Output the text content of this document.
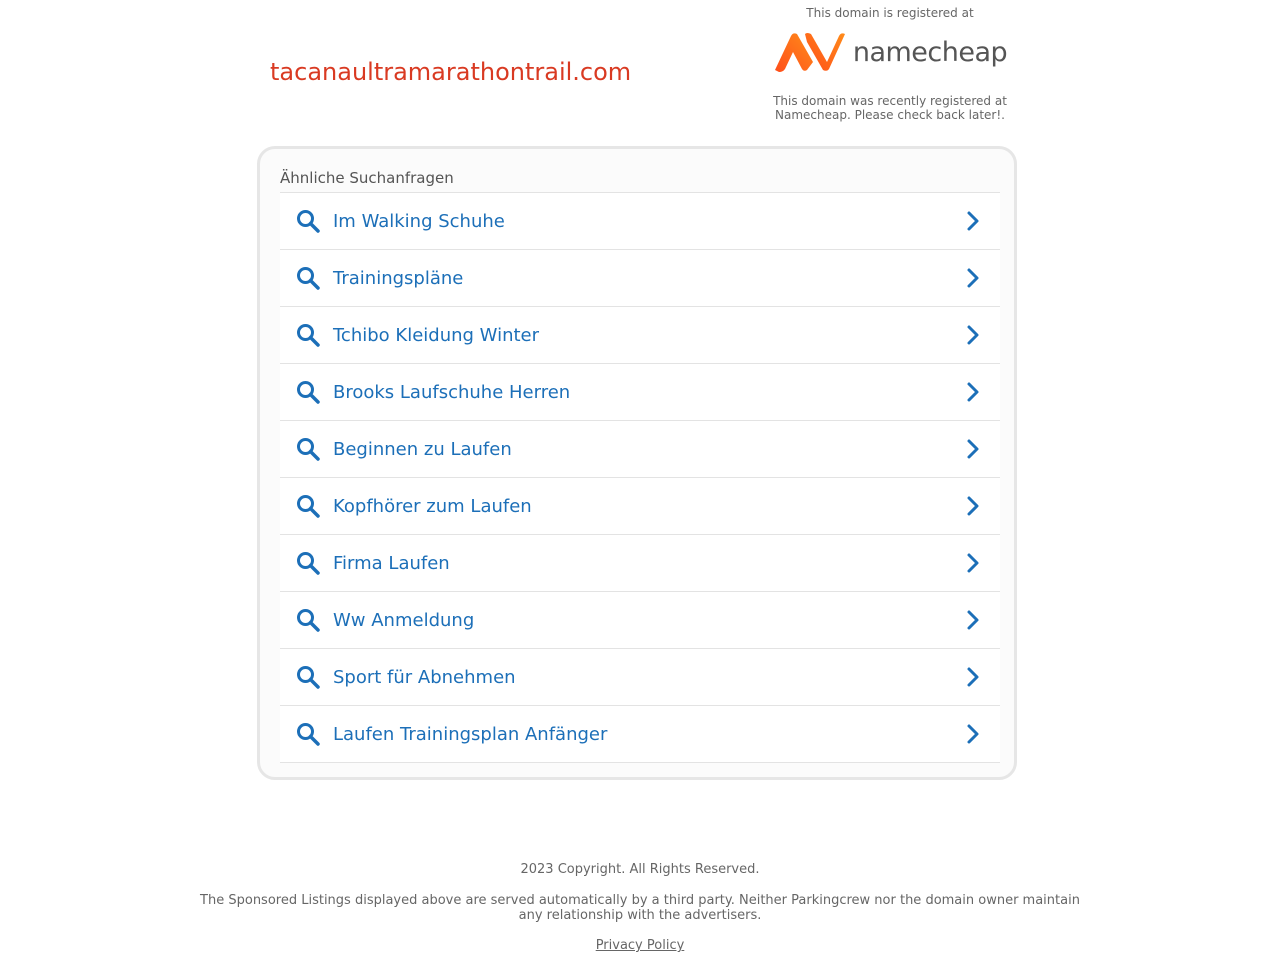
tacanaultramarathontrail.com
This domain is registered at
namecheap
This domain was recently registered at Namecheap. Please check back later!.
Ähnliche Suchanfragen
Im Walking Schuhe
Trainingspläne
Tchibo Kleidung Winter
Brooks Laufschuhe Herren
Beginnen zu Laufen
Kopfhörer zum Laufen
Firma Laufen
Ww Anmeldung
Sport für Abnehmen
Laufen Trainingsplan Anfänger

2023 Copyright. All Rights Reserved.

The Sponsored Listings displayed above are served automatically by a third party. Neither Parkingcrew nor the domain owner maintain any relationship with the advertisers.

Privacy Policy
